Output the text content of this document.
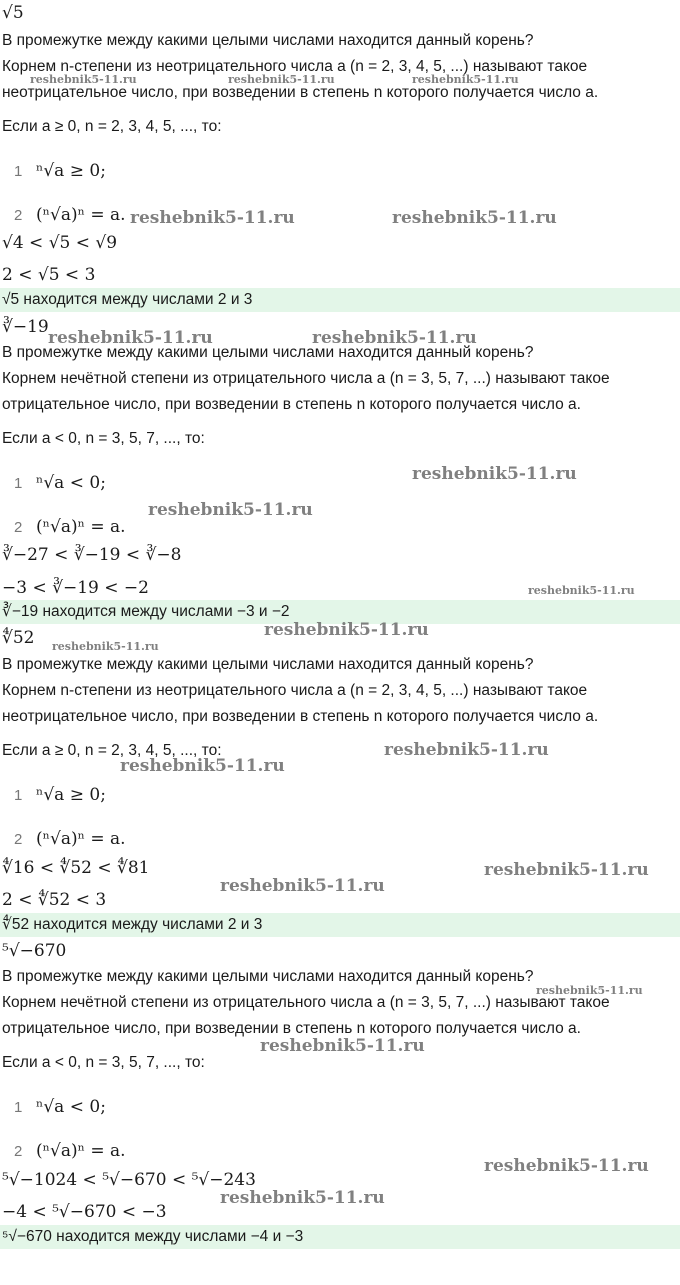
√5
В промежутке между какими целыми числами находится данный корень?
Корнем n-степени из неотрицательного числа a (n = 2, 3, 4, 5, ...) называют такое
неотрицательное число, при возведении в степень n которого получается число a.
Если a ≥ 0, n = 2, 3, 4, 5, ..., то:
1 ⁿ√a ≥ 0;
2 (ⁿ√a)ⁿ = a.
√4 < √5 < √9
2 < √5 < 3
√5 находится между числами 2 и 3
∛−19
В промежутке между какими целыми числами находится данный корень?
Корнем нечётной степени из отрицательного числа a (n = 3, 5, 7, ...) называют такое
отрицательное число, при возведении в степень n которого получается число a.
Если a < 0, n = 3, 5, 7, ..., то:
1 ⁿ√a < 0;
2 (ⁿ√a)ⁿ = a.
∛−27 < ∛−19 < ∛−8
−3 < ∛−19 < −2
∛−19 находится между числами −3 и −2
∜52
В промежутке между какими целыми числами находится данный корень?
Корнем n-степени из неотрицательного числа a (n = 2, 3, 4, 5, ...) называют такое
неотрицательное число, при возведении в степень n которого получается число a.
Если a ≥ 0, n = 2, 3, 4, 5, ..., то:
1 ⁿ√a ≥ 0;
2 (ⁿ√a)ⁿ = a.
∜16 < ∜52 < ∜81
2 < ∜52 < 3
∜52 находится между числами 2 и 3
⁵√−670
В промежутке между какими целыми числами находится данный корень?
Корнем нечётной степени из отрицательного числа a (n = 3, 5, 7, ...) называют такое
отрицательное число, при возведении в степень n которого получается число a.
Если a < 0, n = 3, 5, 7, ..., то:
1 ⁿ√a < 0;
2 (ⁿ√a)ⁿ = a.
⁵√−1024 < ⁵√−670 < ⁵√−243
−4 < ⁵√−670 < −3
⁵√−670 находится между числами −4 и −3
reshebnik5-11.ru	reshebnik5-11.ru	reshebnik5-11.ru
reshebnik5-11.ru	reshebnik5-11.ru
reshebnik5-11.ru	reshebnik5-11.ru
reshebnik5-11.ru
reshebnik5-11.ru
reshebnik5-11.ru
reshebnik5-11.ru
reshebnik5-11.ru
reshebnik5-11.ru
reshebnik5-11.ru
reshebnik5-11.ru
reshebnik5-11.ru
reshebnik5-11.ru
reshebnik5-11.ru
reshebnik5-11.ru
reshebnik5-11.ru
